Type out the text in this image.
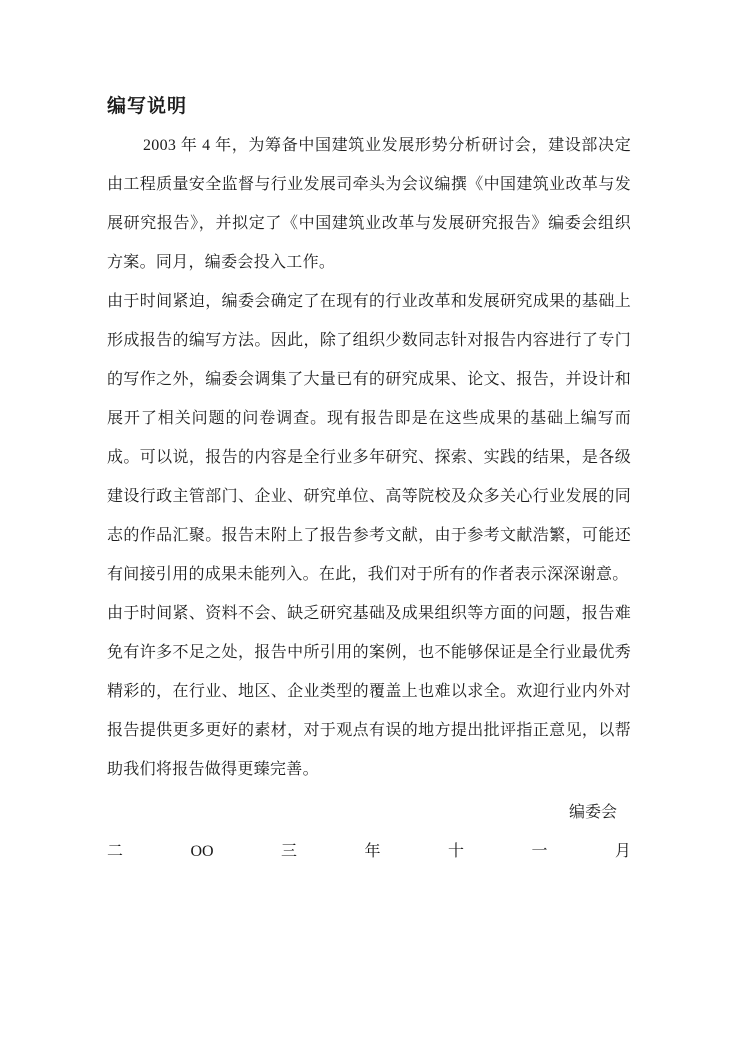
编写说明

2003 年 4 年，为筹备中国建筑业发展形势分析研讨会，建设部决定由工程质量安全监督与行业发展司牵头为会议编撰《中国建筑业改革与发展研究报告》，并拟定了《中国建筑业改革与发展研究报告》编委会组织方案。同月，编委会投入工作。

由于时间紧迫，编委会确定了在现有的行业改革和发展研究成果的基础上形成报告的编写方法。因此，除了组织少数同志针对报告内容进行了专门的写作之外，编委会调集了大量已有的研究成果、论文、报告，并设计和展开了相关问题的问卷调查。现有报告即是在这些成果的基础上编写而成。可以说，报告的内容是全行业多年研究、探索、实践的结果，是各级建设行政主管部门、企业、研究单位、高等院校及众多关心行业发展的同志的作品汇聚。报告末附上了报告参考文献，由于参考文献浩繁，可能还有间接引用的成果未能列入。在此，我们对于所有的作者表示深深谢意。

由于时间紧、资料不会、缺乏研究基础及成果组织等方面的问题，报告难免有许多不足之处，报告中所引用的案例，也不能够保证是全行业最优秀精彩的，在行业、地区、企业类型的覆盖上也难以求全。欢迎行业内外对报告提供更多更好的素材，对于观点有误的地方提出批评指正意见，以帮助我们将报告做得更臻完善。

编委会

二	OO	三	年	十	一	月
